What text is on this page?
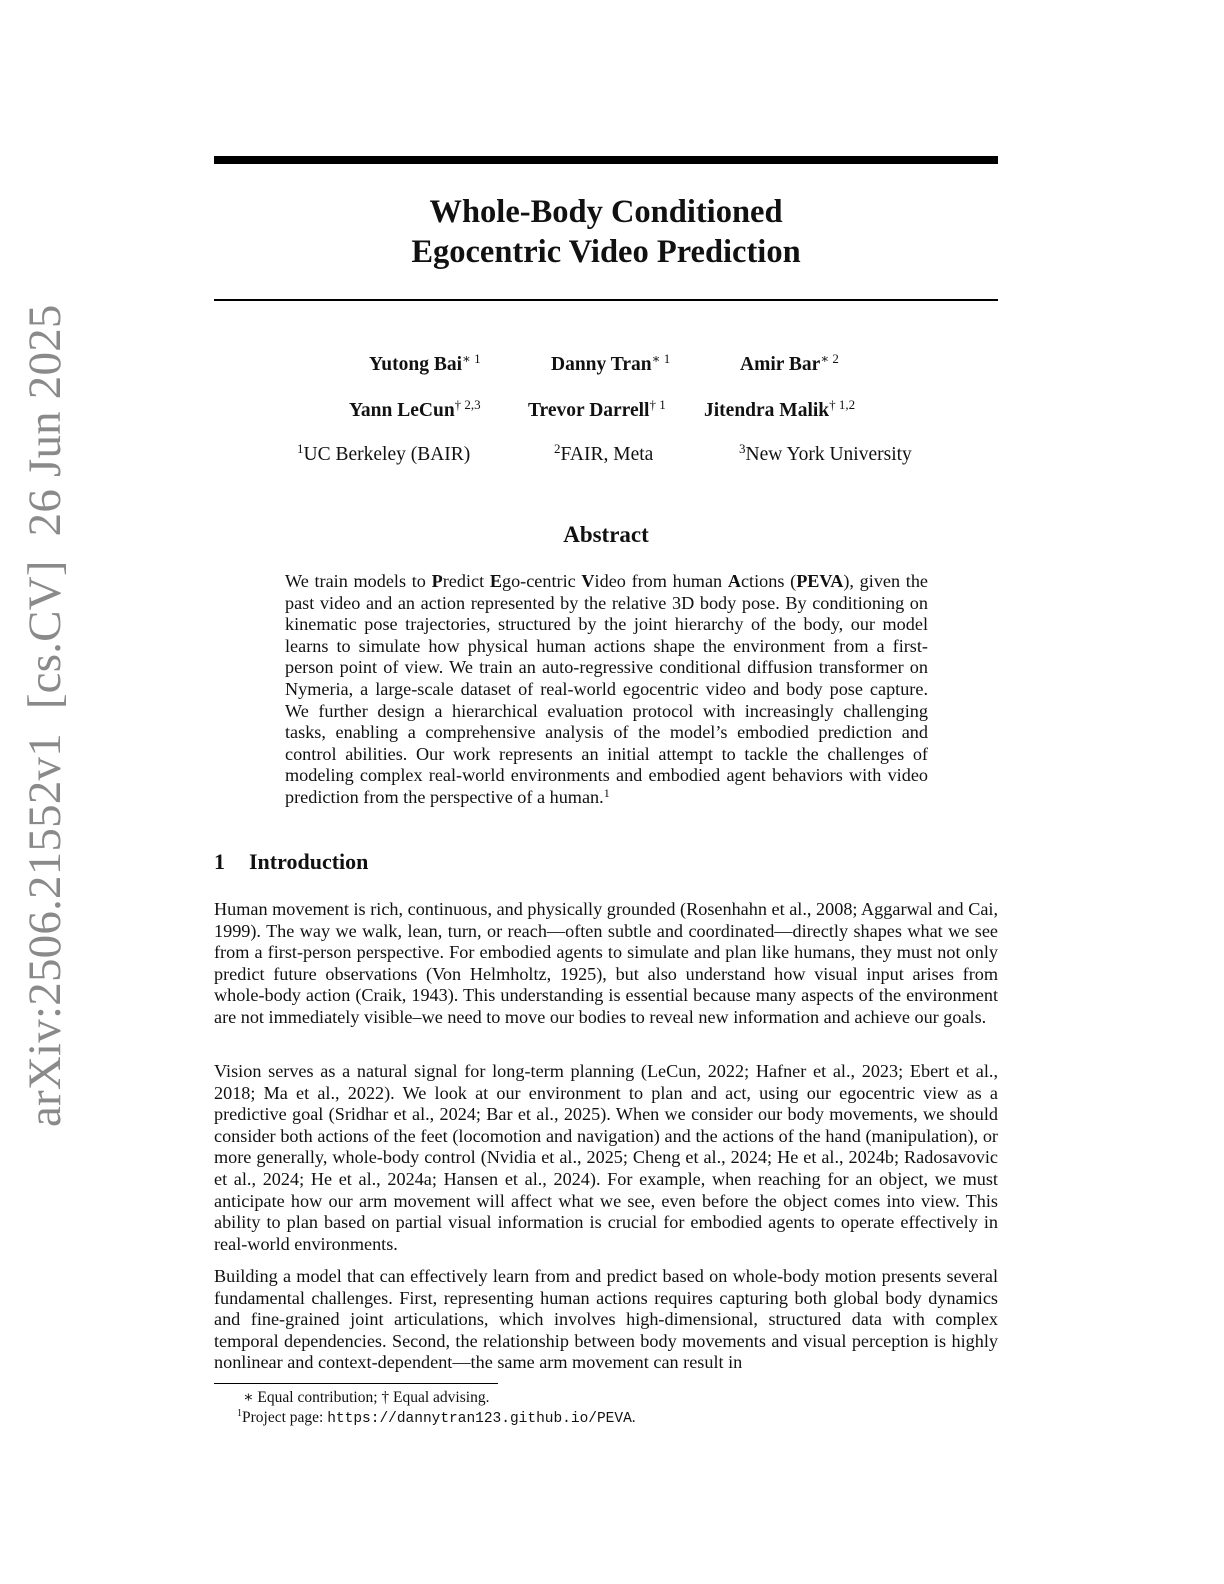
arXiv:2506.21552v1  [cs.CV]  26 Jun 2025
Whole-Body Conditioned
Egocentric Video Prediction
Yutong Bai$^{∗ 1}$	Danny Tran$^{∗ 1}$	Amir Bar$^{∗ 2}$
Yann LeCun$^{\dagger 2,3}$ Trevor Darrell$^{\dagger 1}$ Jitendra Malik$^{\dagger 1,2}$
$^1$UC Berkeley (BAIR)	$^2$FAIR, Meta	$^3$New York University
Abstract
We train models to Predict Ego-centric Video from human Actions (PEVA), given the past video and an action represented by the relative 3D body pose. By conditioning on kinematic pose trajectories, structured by the joint hierarchy of the body, our model learns to simulate how physical human actions shape the environment from a first-person point of view. We train an auto-regressive conditional diffusion transformer on Nymeria, a large-scale dataset of real-world egocentric video and body pose capture. We further design a hierarchical evaluation protocol with increasingly challenging tasks, enabling a comprehensive analysis of the model’s embodied prediction and control abilities. Our work represents an initial attempt to tackle the challenges of modeling complex real-world environments and embodied agent behaviors with video prediction from the perspective of a human.$^1$
1 Introduction
Human movement is rich, continuous, and physically grounded (Rosenhahn et al., 2008; Aggarwal and Cai, 1999). The way we walk, lean, turn, or reach—often subtle and coordinated—directly shapes what we see from a first-person perspective. For embodied agents to simulate and plan like humans, they must not only predict future observations (Von Helmholtz, 1925), but also understand how visual input arises from whole-body action (Craik, 1943). This understanding is essential because many aspects of the environment are not immediately visible–we need to move our bodies to reveal new information and achieve our goals.
Vision serves as a natural signal for long-term planning (LeCun, 2022; Hafner et al., 2023; Ebert et al., 2018; Ma et al., 2022). We look at our environment to plan and act, using our egocentric view as a predictive goal (Sridhar et al., 2024; Bar et al., 2025). When we consider our body movements, we should consider both actions of the feet (locomotion and navigation) and the actions of the hand (manipulation), or more generally, whole-body control (Nvidia et al., 2025; Cheng et al., 2024; He et al., 2024b; Radosavovic et al., 2024; He et al., 2024a; Hansen et al., 2024). For example, when reaching for an object, we must anticipate how our arm movement will affect what we see, even before the object comes into view. This ability to plan based on partial visual information is crucial for embodied agents to operate effectively in real-world environments.
Building a model that can effectively learn from and predict based on whole-body motion presents several fundamental challenges. First, representing human actions requires capturing both global body dynamics and fine-grained joint articulations, which involves high-dimensional, structured data with complex temporal dependencies. Second, the relationship between body movements and visual perception is highly nonlinear and context-dependent—the same arm movement can result in
∗ Equal contribution; † Equal advising.
$^1$Project page: https://dannytran123.github.io/PEVA.
